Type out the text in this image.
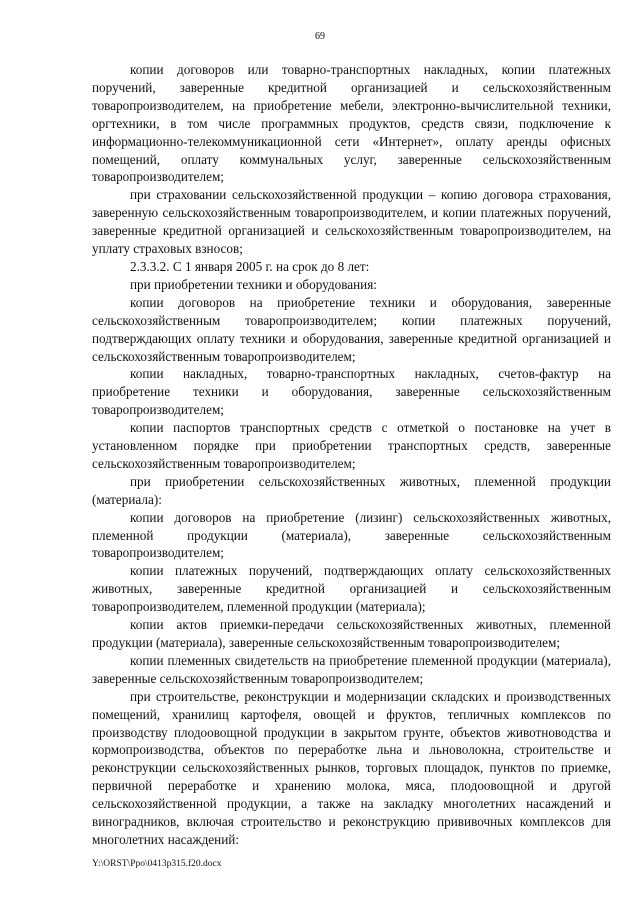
69

копии договоров или товарно-транспортных накладных, копии платежных поручений, заверенные кредитной организацией и сельскохозяйственным товаропроизводителем, на приобретение мебели, электронно-вычислительной техники, оргтехники, в том числе программных продуктов, средств связи, подключение к информационно-телекоммуникационной сети «Интернет», оплату аренды офисных помещений, оплату коммунальных услуг, заверенные сельскохозяйственным товаропроизводителем;

при страховании сельскохозяйственной продукции – копию договора страхования, заверенную сельскохозяйственным товаропроизводителем, и копии платежных поручений, заверенные кредитной организацией и сельскохозяйственным товаропроизводителем, на уплату страховых взносов;

2.3.3.2. С 1 января 2005 г. на срок до 8 лет:

при приобретении техники и оборудования:

копии договоров на приобретение техники и оборудования, заверенные сельскохозяйственным товаропроизводителем; копии платежных поручений, подтверждающих оплату техники и оборудования, заверенные кредитной организацией и сельскохозяйственным товаропроизводителем;

копии накладных, товарно-транспортных накладных, счетов-фактур на приобретение техники и оборудования, заверенные сельскохозяйственным товаропроизводителем;

копии паспортов транспортных средств с отметкой о постановке на учет в установленном порядке при приобретении транспортных средств, заверенные сельскохозяйственным товаропроизводителем;

при приобретении сельскохозяйственных животных, племенной продукции (материала):

копии договоров на приобретение (лизинг) сельскохозяйственных животных, племенной продукции (материала), заверенные сельскохозяйственным товаропроизводителем;

копии платежных поручений, подтверждающих оплату сельскохозяйственных животных, заверенные кредитной организацией и сельскохозяйственным товаропроизводителем, племенной продукции (материала);

копии актов приемки-передачи сельскохозяйственных животных, племенной продукции (материала), заверенные сельскохозяйственным товаропроизводителем;

копии племенных свидетельств на приобретение племенной продукции (материала), заверенные сельскохозяйственным товаропроизводителем;

при строительстве, реконструкции и модернизации складских и производственных помещений, хранилищ картофеля, овощей и фруктов, тепличных комплексов по производству плодоовощной продукции в закрытом грунте, объектов животноводства и кормопроизводства, объектов по переработке льна и льноволокна, строительстве и реконструкции сельскохозяйственных рынков, торговых площадок, пунктов по приемке, первичной переработке и хранению молока, мяса, плодоовощной и другой сельскохозяйственной продукции, а также на закладку многолетних насаждений и виноградников, включая строительство и реконструкцию прививочных комплексов для многолетних насаждений:

Y:\ORST\Ppo\0413p315.f20.docx
